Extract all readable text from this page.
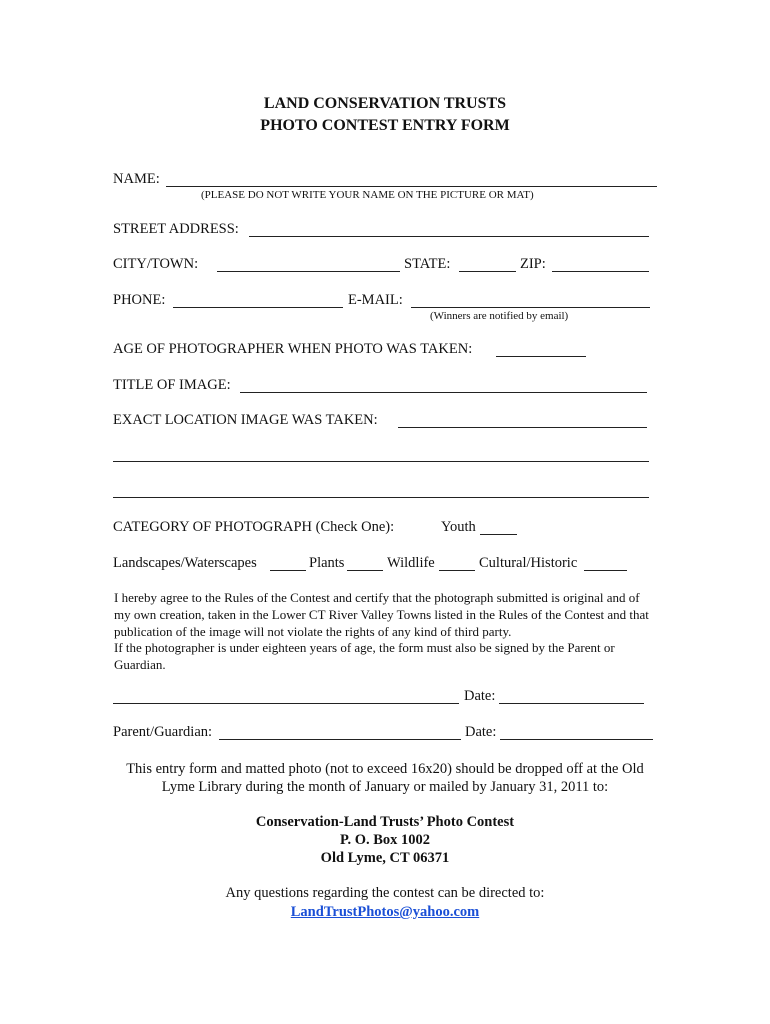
LAND CONSERVATION TRUSTS
PHOTO CONTEST ENTRY FORM
NAME:
(PLEASE DO NOT WRITE YOUR NAME ON THE PICTURE OR MAT)
STREET ADDRESS:
CITY/TOWN:	STATE:	ZIP:
PHONE:	E-MAIL:
(Winners are notified by email)
AGE OF PHOTOGRAPHER WHEN PHOTO WAS TAKEN:
TITLE OF IMAGE:
EXACT LOCATION IMAGE WAS TAKEN:
CATEGORY OF PHOTOGRAPH (Check One):	Youth
Landscapes/Waterscapes	Plants	Wildlife	Cultural/Historic
I hereby agree to the Rules of the Contest and certify that the photograph submitted is original and of my own creation, taken in the Lower CT River Valley Towns listed in the Rules of the Contest and that publication of the image will not violate the rights of any kind of third party.
If the photographer is under eighteen years of age, the form must also be signed by the Parent or Guardian.
Date:
Parent/Guardian:	Date:
This entry form and matted photo (not to exceed 16x20) should be dropped off at the Old
Lyme Library during the month of January or mailed by January 31, 2011 to:
Conservation-Land Trusts’ Photo Contest
P. O. Box 1002
Old Lyme, CT 06371
Any questions regarding the contest can be directed to:
LandTrustPhotos@yahoo.com
